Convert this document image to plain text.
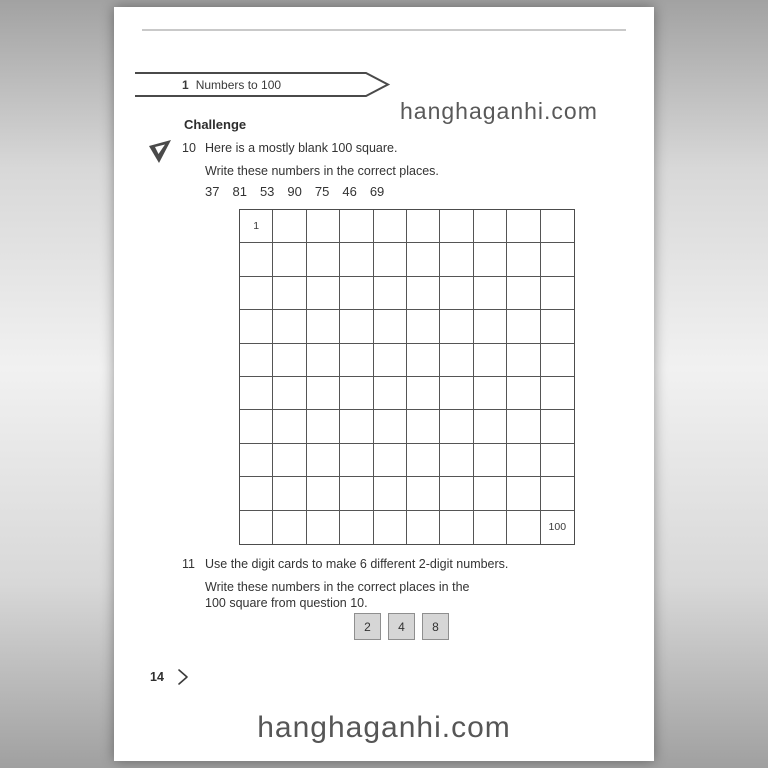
1 Numbers to 100
hanghaganhi.com
Challenge
10 Here is a mostly blank 100 square.
Write these numbers in the correct places.
37 81 53 90 75 46 69
1
100
11 Use the digit cards to make 6 different 2-digit numbers.
Write these numbers in the correct places in the
100 square from question 10.
2	4	8
14
hanghaganhi.com
